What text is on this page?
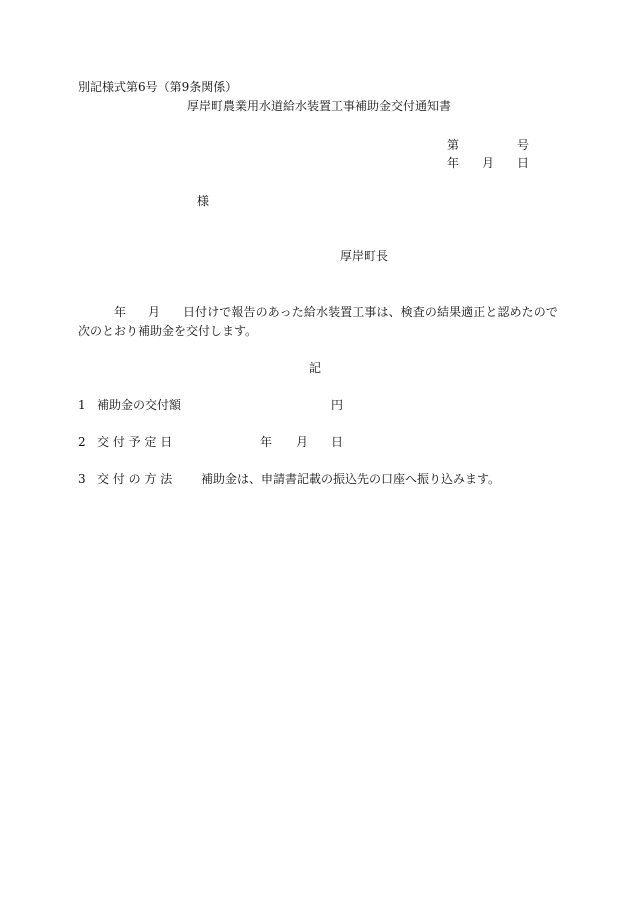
別記様式第6号（第9条関係）
厚岸町農業用水道給水装置工事補助金交付通知書
第	号
年 月 日
様
厚岸町長
年 月 日付けで報告のあった給水装置工事は、検査の結果適正と認めたので
次のとおり補助金を交付します。
記
1 補助金の交付額	円
2 交 付 予 定 日	年 月 日
3 交 付 の 方 法 補助金は、申請書記載の振込先の口座へ振り込みます。
